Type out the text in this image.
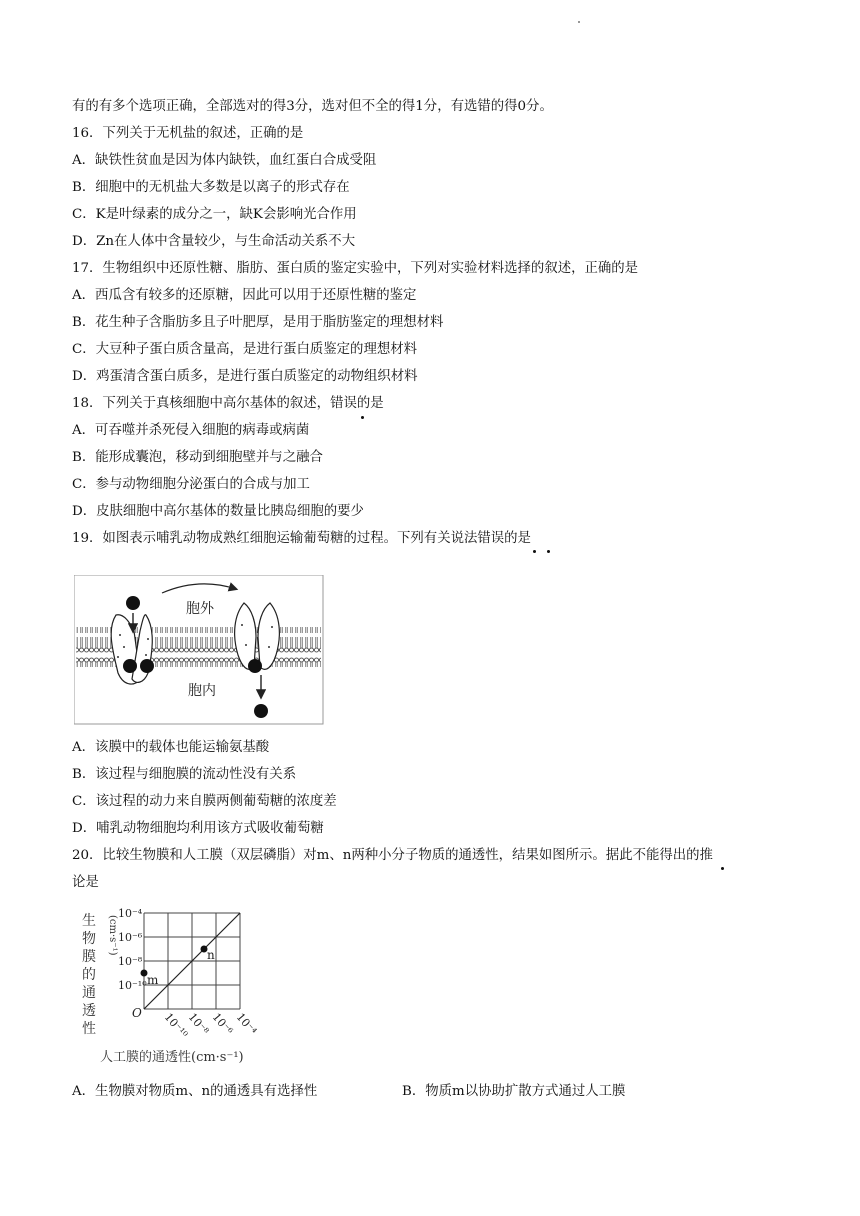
有的有多个选项正确，全部选对的得3分，选对但不全的得1分，有选错的得0分。
16．下列关于无机盐的叙述，正确的是
A．缺铁性贫血是因为体内缺铁，血红蛋白合成受阻
B．细胞中的无机盐大多数是以离子的形式存在
C．K是叶绿素的成分之一，缺K会影响光合作用
D．Zn在人体中含量较少，与生命活动关系不大
17．生物组织中还原性糖、脂肪、蛋白质的鉴定实验中，下列对实验材料选择的叙述，正确的是
A．西瓜含有较多的还原糖，因此可以用于还原性糖的鉴定
B．花生种子含脂肪多且子叶肥厚，是用于脂肪鉴定的理想材料
C．大豆种子蛋白质含量高，是进行蛋白质鉴定的理想材料
D．鸡蛋清含蛋白质多，是进行蛋白质鉴定的动物组织材料
18．下列关于真核细胞中高尔基体的叙述，错误的是
A．可吞噬并杀死侵入细胞的病毒或病菌
B．能形成囊泡，移动到细胞壁并与之融合
C．参与动物细胞分泌蛋白的合成与加工
D．皮肤细胞中高尔基体的数量比胰岛细胞的要少
19．如图表示哺乳动物成熟红细胞运输葡萄糖的过程。下列有关说法错误的是
胞外
胞内
A．该膜中的载体也能运输氨基酸
B．该过程与细胞膜的流动性没有关系
C．该过程的动力来自膜两侧葡萄糖的浓度差
D．哺乳动物细胞均利用该方式吸收葡萄糖
20．比较生物膜和人工膜（双层磷脂）对m、n两种小分子物质的通透性，结果如图所示。据此不能得出的推
论是
人工膜的通透性(cm·s⁻¹)
10⁻⁴
10⁻⁶
10⁻⁸
10⁻¹⁰
10⁻¹⁰
10⁻⁸
10⁻⁶
10⁻⁴
O
m
n
生
物
膜
的
通
透
性
(cm·s⁻¹)
A．生物膜对物质m、n的通透具有选择性	B．物质m以协助扩散方式通过人工膜
